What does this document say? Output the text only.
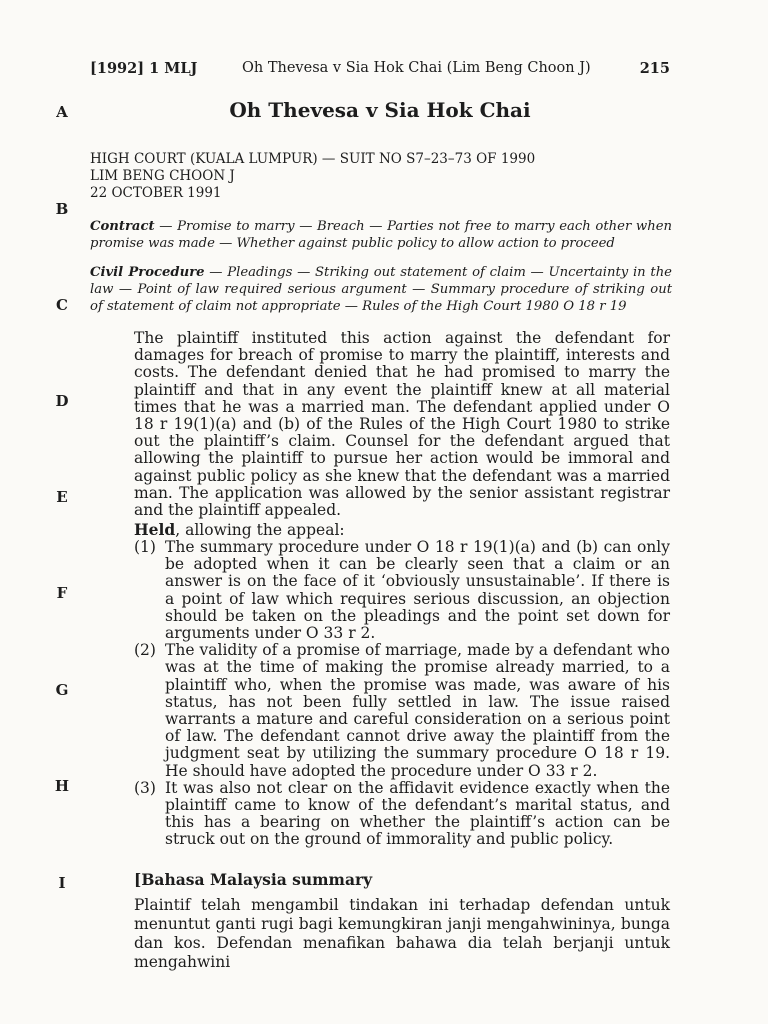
[1992] 1 MLJ	Oh Thevesa v Sia Hok Chai (Lim Beng Choon J)	215
Oh Thevesa v Sia Hok Chai
HIGH COURT (KUALA LUMPUR) — SUIT NO S7–23–73 OF 1990
LIM BENG CHOON J
22 OCTOBER 1991
Contract — Promise to marry — Breach — Parties not free to marry each other when promise was made — Whether against public policy to allow action to proceed
Civil Procedure — Pleadings — Striking out statement of claim — Uncertainty in the law — Point of law required serious argument — Summary procedure of striking out of statement of claim not appropriate — Rules of the High Court 1980 O 18 r 19
The plaintiff instituted this action against the defendant for damages for breach of promise to marry the plaintiff, interests and costs. The defendant denied that he had promised to marry the plaintiff and that in any event the plaintiff knew at all material times that he was a married man. The defendant applied under O 18 r 19(1)(a) and (b) of the Rules of the High Court 1980 to strike out the plaintiff’s claim. Counsel for the defendant argued that allowing the plaintiff to pursue her action would be immoral and against public policy as she knew that the defendant was a married man. The application was allowed by the senior assistant registrar and the plaintiff appealed.
Held, allowing the appeal:
(1) The summary procedure under O 18 r 19(1)(a) and (b) can only be adopted when it can be clearly seen that a claim or an answer is on the face of it ‘obviously unsustainable’. If there is a point of law which requires serious discussion, an objection should be taken on the pleadings and the point set down for arguments under O 33 r 2.
(2) The validity of a promise of marriage, made by a defendant who was at the time of making the promise already married, to a plaintiff who, when the promise was made, was aware of his status, has not been fully settled in law. The issue raised warrants a mature and careful consideration on a serious point of law. The defendant cannot drive away the plaintiff from the judgment seat by utilizing the summary procedure O 18 r 19. He should have adopted the procedure under O 33 r 2.
(3) It was also not clear on the affidavit evidence exactly when the plaintiff came to know of the defendant’s marital status, and this has a bearing on whether the plaintiff’s action can be struck out on the ground of immorality and public policy.
[Bahasa Malaysia summary
Plaintif telah mengambil tindakan ini terhadap defendan untuk menuntut ganti rugi bagi kemungkiran janji mengahwininya, bunga dan kos. Defendan menafikan bahawa dia telah berjanji untuk mengahwini
A
B
C
D
E
F
G
H
I
